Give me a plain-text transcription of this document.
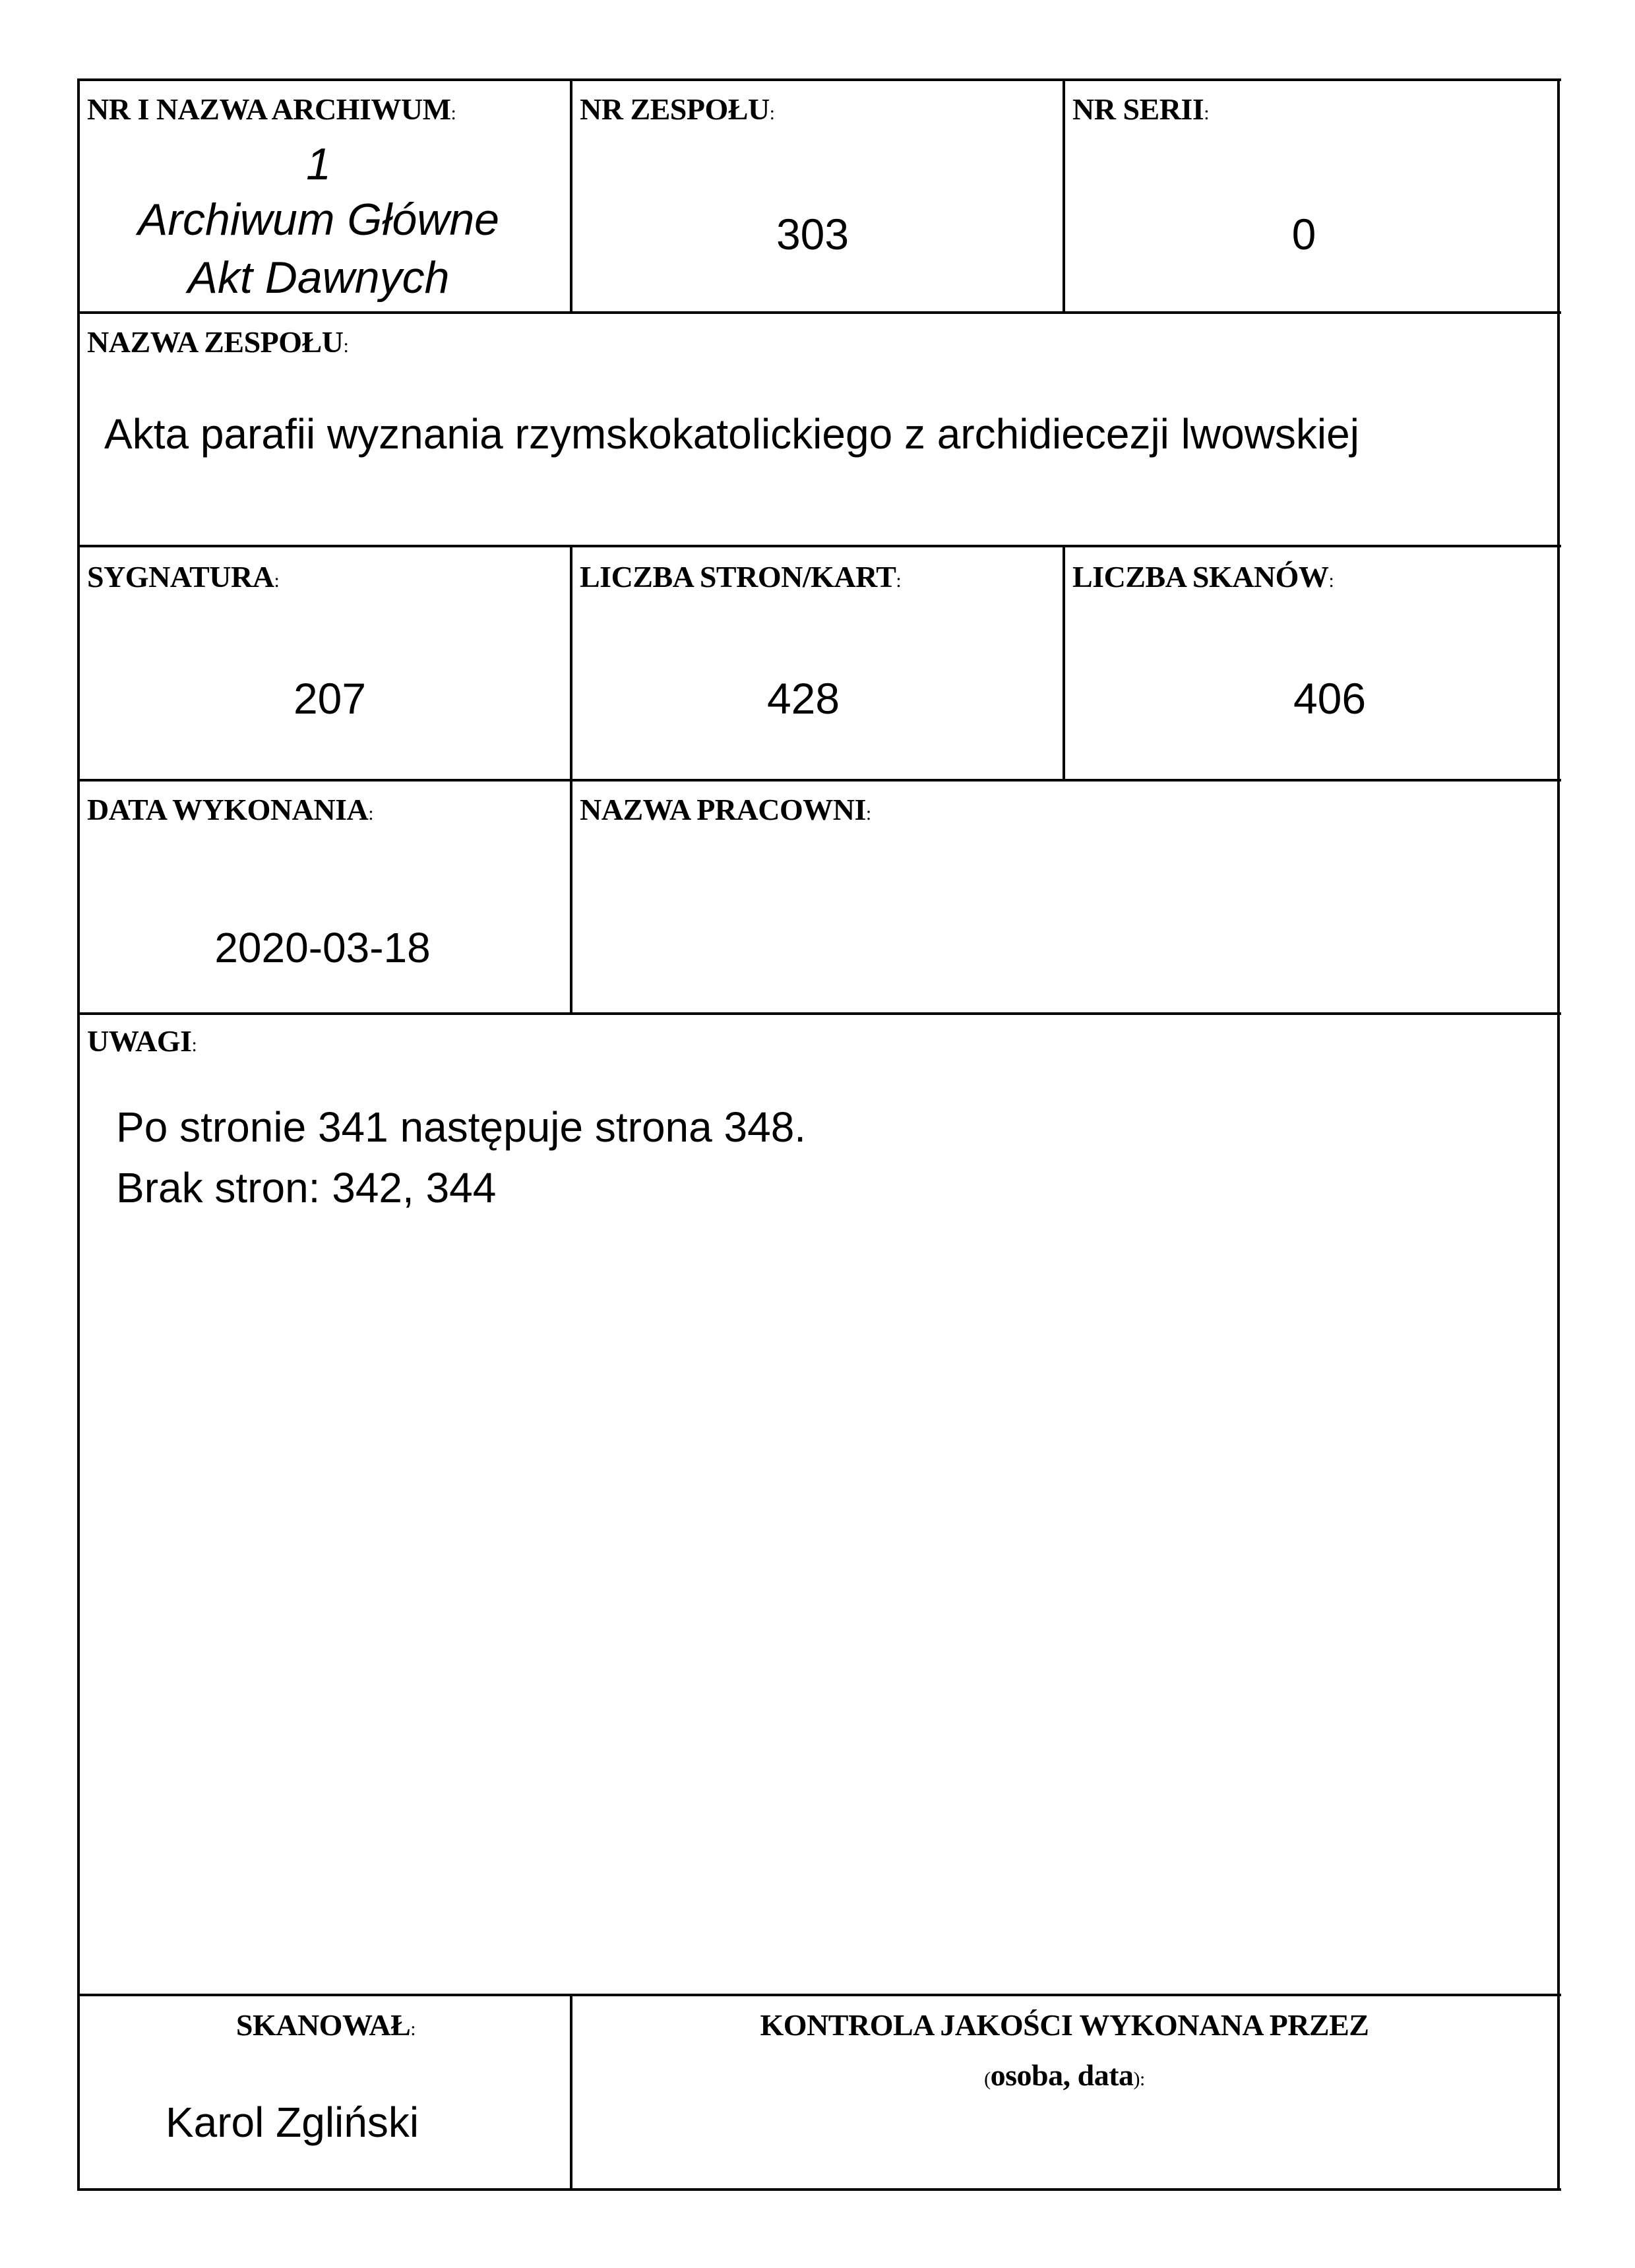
NR I NAZWA ARCHIWUM:
1
Archiwum Główne
Akt Dawnych
NR ZESPOŁU:
303
NR SERII:
0
NAZWA ZESPOŁU:
Akta parafii wyznania rzymskokatolickiego z archidiecezji lwowskiej
SYGNATURA:
207
LICZBA STRON/KART:
428
LICZBA SKANÓW:
406
DATA WYKONANIA:
2020-03-18
NAZWA PRACOWNI:
UWAGI:
Po stronie 341 następuje strona 348.
Brak stron: 342, 344
SKANOWAŁ:
Karol Zgliński
KONTROLA JAKOŚCI WYKONANA PRZEZ
(osoba, data):
